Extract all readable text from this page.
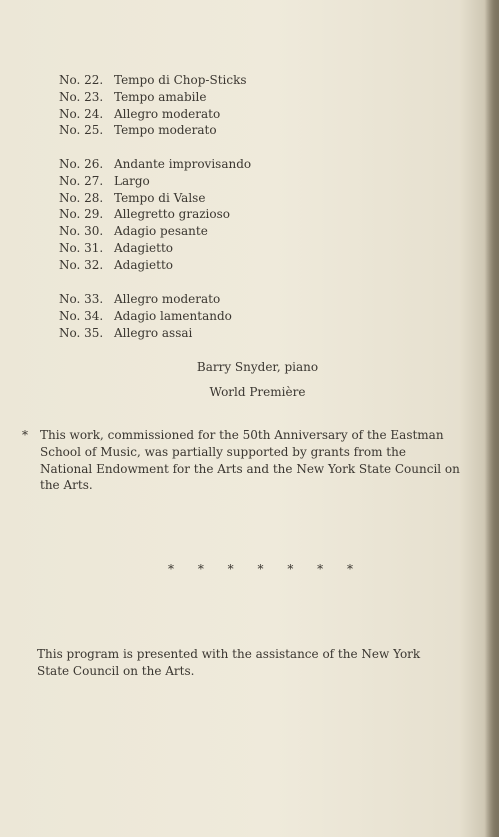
No. 22. Tempo di Chop-Sticks
No. 23. Tempo amabile
No. 24. Allegro moderato
No. 25. Tempo moderato
No. 26. Andante improvisando
No. 27. Largo
No. 28. Tempo di Valse
No. 29. Allegretto grazioso
No. 30. Adagio pesante
No. 31. Adagietto
No. 32. Adagietto
No. 33. Allegro moderato
No. 34. Adagio lamentando
No. 35. Allegro assai
Barry Snyder, piano
World Première
* This work, commissioned for the 50th Anniversary of the Eastman School of Music, was partially supported by grants from the National Endowment for the Arts and the New York State Council on the Arts.
* * * * * * *
This program is presented with the assistance of the New York State Council on the Arts.
